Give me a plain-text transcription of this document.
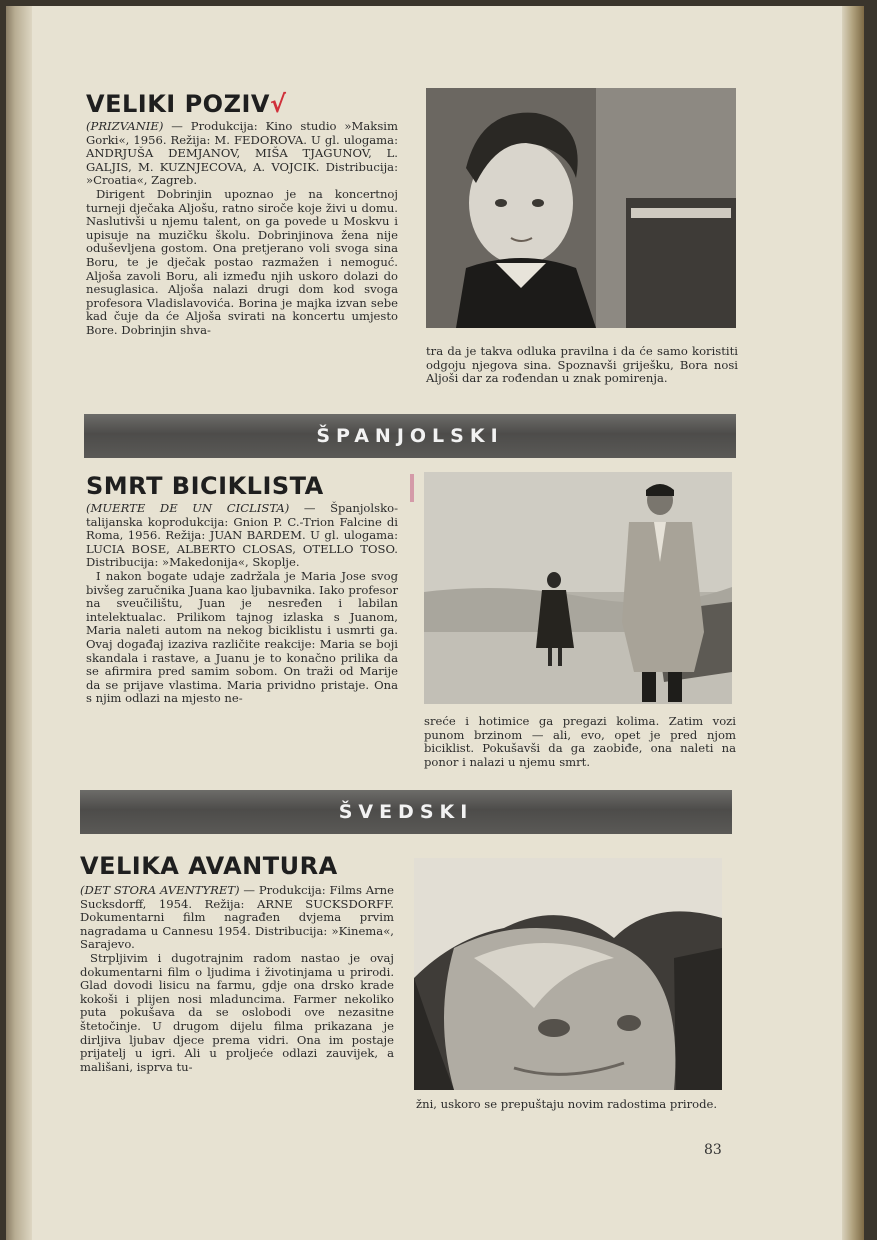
VELIKI POZIV√

(PRIZVANIE) — Produkcija: Kino studio »Maksim Gorki«, 1956. Režija: M. FEDOROVA. U gl. ulogama: ANDRJUŠA DEMJANOV, MIŠA TJAGUNOV, L. GALJIS, M. KUZNJECOVA, A. VOJCIK. Distribucija: »Croatia«, Zagreb.

Dirigent Dobrinjin upoznao je na koncertnoj turneji dječaka Aljošu, ratno siroče koje živi u domu. Naslutivši u njemu talent, on ga povede u Moskvu i upisuje na muzičku školu. Dobrinjinova žena nije oduševljena gostom. Ona pretjerano voli svoga sina Boru, te je dječak postao razmažen i nemoguć. Aljoša zavoli Boru, ali između njih uskoro dolazi do nesuglasica. Aljoša nalazi drugi dom kod svoga profesora Vladislavovića. Borina je majka izvan sebe kad čuje da će Aljoša svirati na koncertu umjesto Bore. Dobrinjin shva-

tra da je takva odluka pravilna i da će samo koristiti odgoju njegova sina. Spoznavši griješku, Bora nosi Aljoši dar za rođendan u znak pomirenja.
ŠPANJOLSKI
SMRT BICIKLISTA

(MUERTE DE UN CICLISTA) — Španjolsko-talijanska koprodukcija: Gnion P. C.-Trion Falcine di Roma, 1956. Režija: JUAN BARDEM. U gl. ulogama: LUCIA BOSE, ALBERTO CLOSAS, OTELLO TOSO. Distribucija: »Makedonija«, Skoplje.

I nakon bogate udaje zadržala je Maria Jose svog bivšeg zaručnika Juana kao ljubavnika. Iako profesor na sveučilištu, Juan je nesređen i labilan intelektualac. Prilikom tajnog izlaska s Juanom, Maria naleti autom na nekog biciklistu i usmrti ga. Ovaj događaj izaziva različite reakcije: Maria se boji skandala i rastave, a Juanu je to konačno prilika da se afirmira pred samim sobom. On traži od Marije da se prijave vlastima. Maria prividno pristaje. Ona s njim odlazi na mjesto ne-

sreće i hotimice ga pregazi kolima. Zatim vozi punom brzinom — ali, evo, opet je pred njom biciklist. Pokušavši da ga zaobiđe, ona naleti na ponor i nalazi u njemu smrt.
ŠVEDSKI
VELIKA AVANTURA

(DET STORA AVENTYRET) — Produkcija: Films Arne Sucksdorff, 1954. Režija: ARNE SUCKSDORFF. Dokumentarni film nagrađen dvjema prvim nagradama u Cannesu 1954. Distribucija: »Kinema«, Sarajevo.

Strpljivim i dugotrajnim radom nastao je ovaj dokumentarni film o ljudima i životinjama u prirodi. Glad dovodi lisicu na farmu, gdje ona drsko krade kokoši i plijen nosi mladuncima. Farmer nekoliko puta pokušava da se oslobodi ove nezasitne štetočinje. U drugom dijelu filma prikazana je dirljiva ljubav djece prema vidri. Ona im postaje prijatelj u igri. Ali u proljeće odlazi zauvijek, a mališani, isprva tu-

žni, uskoro se prepuštaju novim radostima prirode.
83
